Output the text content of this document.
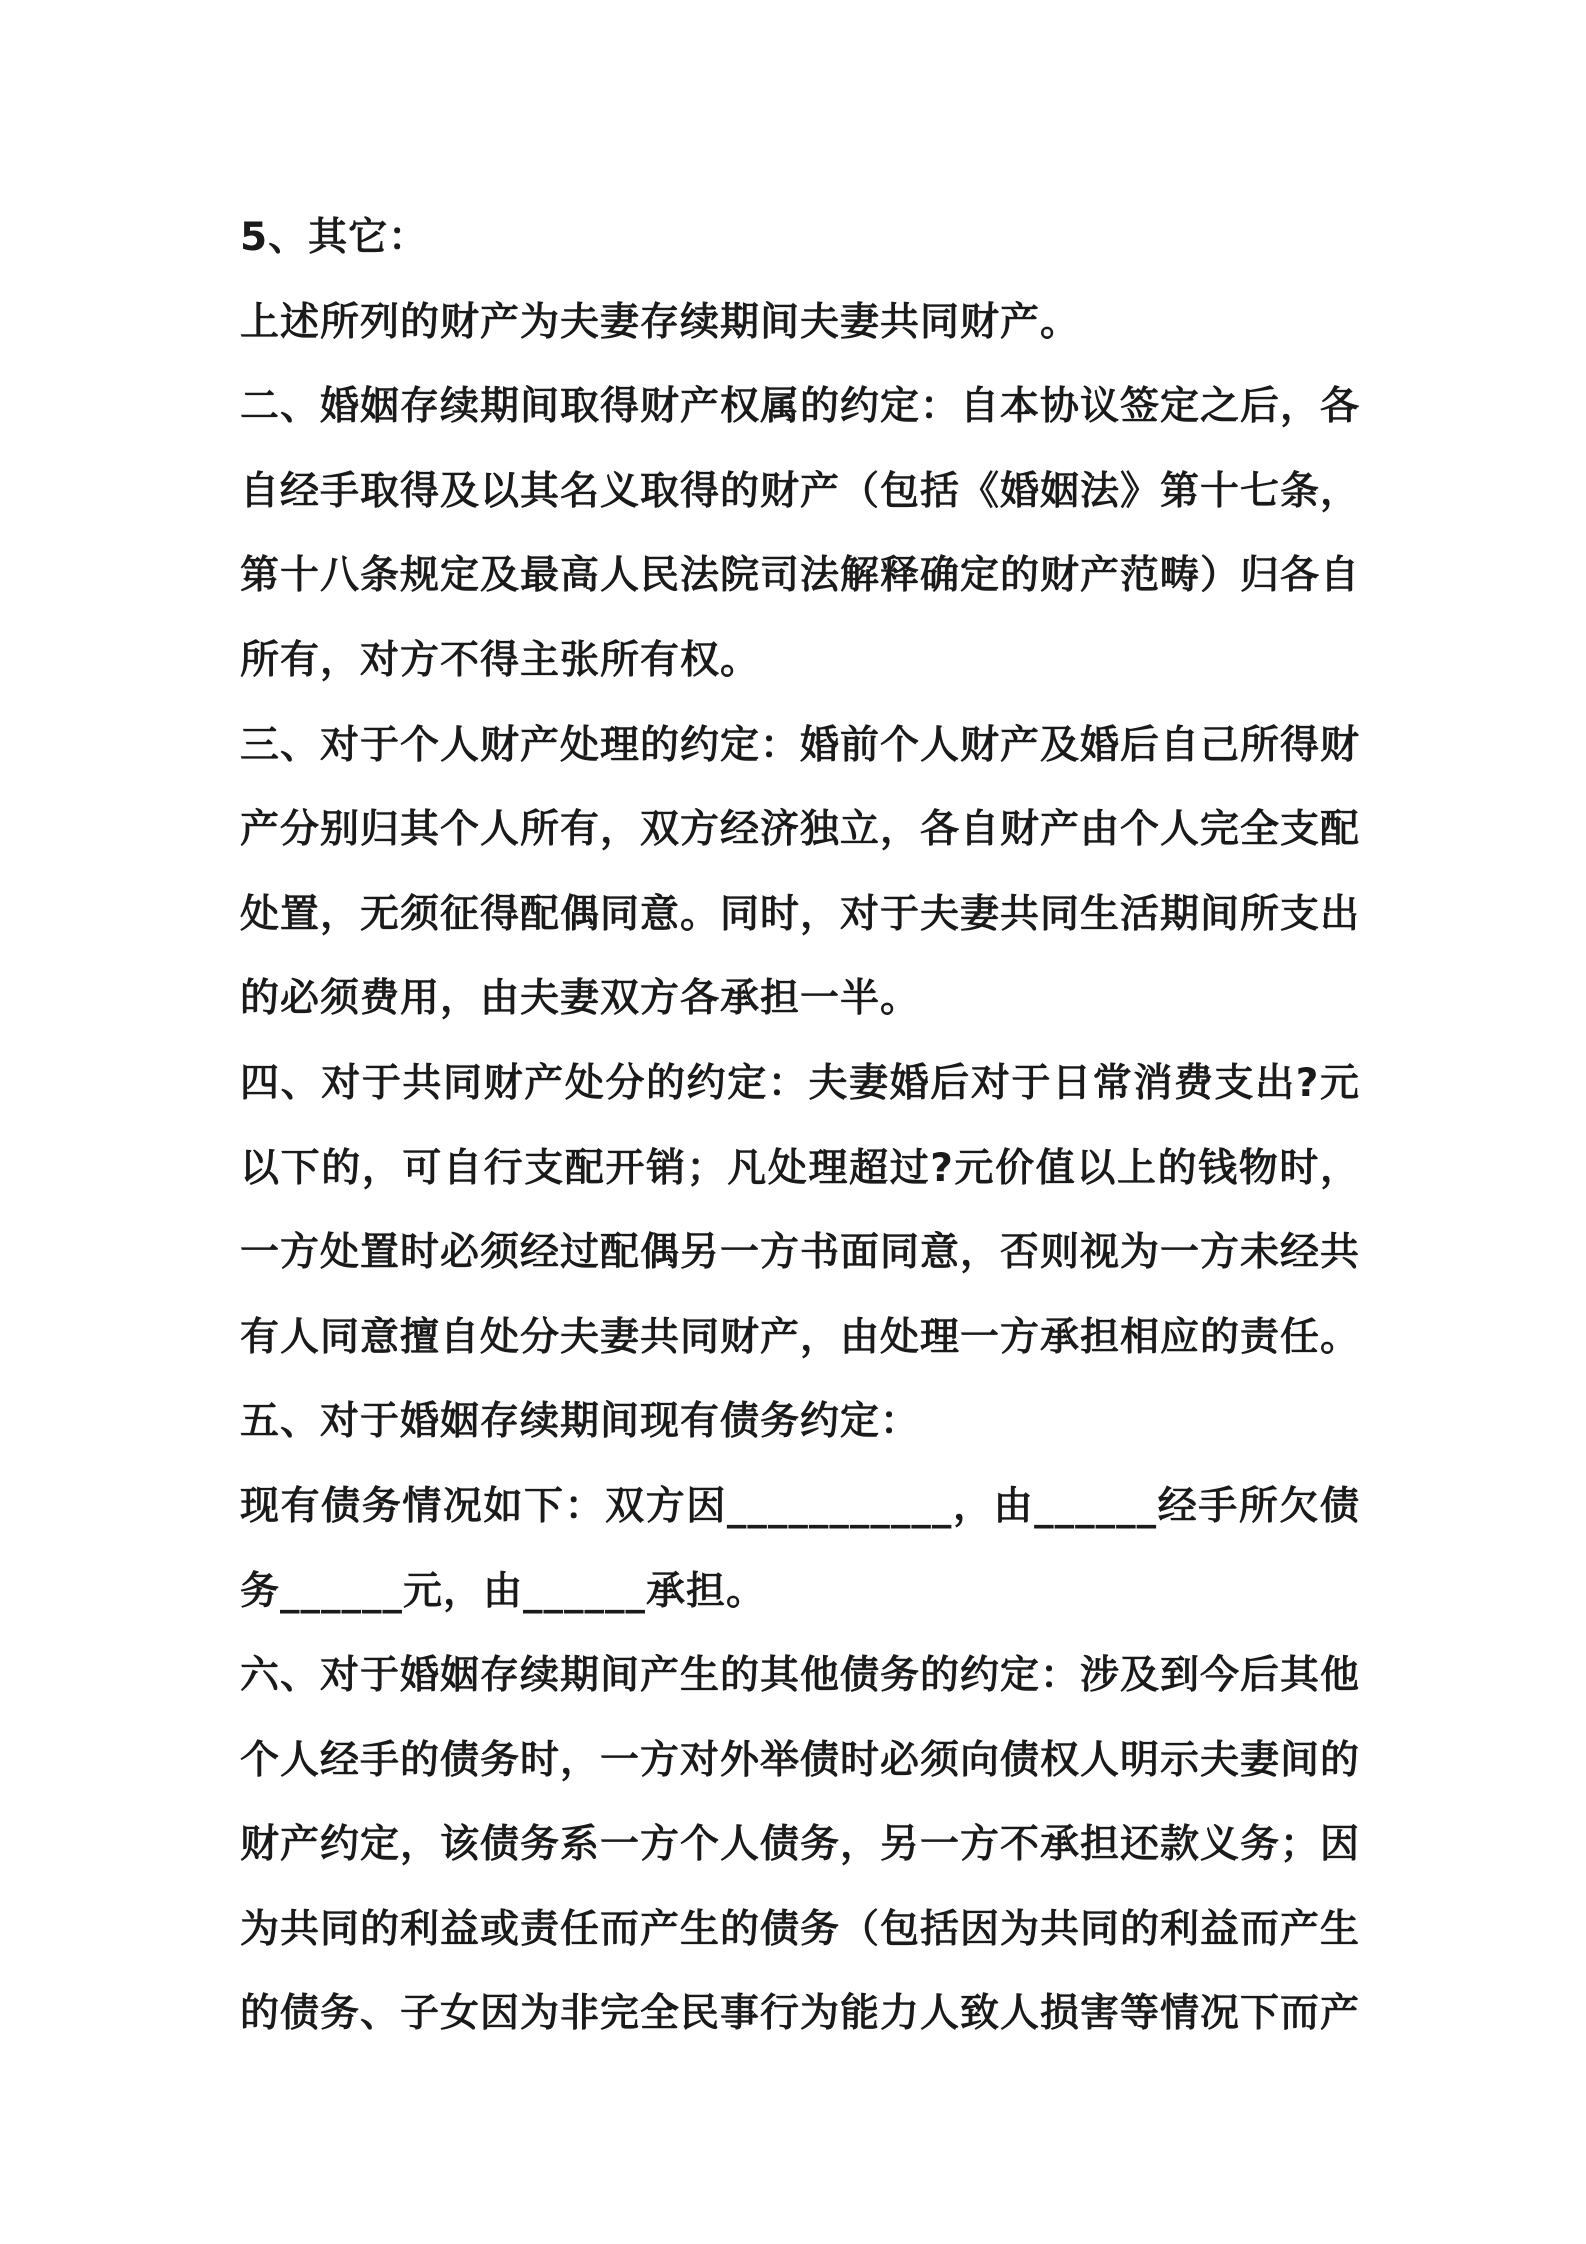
5、其它：
上述所列的财产为夫妻存续期间夫妻共同财产。
二、婚姻存续期间取得财产权属的约定：自本协议签定之后，各
自经手取得及以其名义取得的财产（包括《婚姻法》第十七条，
第十八条规定及最高人民法院司法解释确定的财产范畴）归各自
所有，对方不得主张所有权。
三、对于个人财产处理的约定：婚前个人财产及婚后自己所得财
产分别归其个人所有，双方经济独立，各自财产由个人完全支配
处置，无须征得配偶同意。同时，对于夫妻共同生活期间所支出
的必须费用，由夫妻双方各承担一半。
四、对于共同财产处分的约定：夫妻婚后对于日常消费支出?元
以下的，可自行支配开销；凡处理超过?元价值以上的钱物时，
一方处置时必须经过配偶另一方书面同意，否则视为一方未经共
有人同意擅自处分夫妻共同财产，由处理一方承担相应的责任。
五、对于婚姻存续期间现有债务约定：
现有债务情况如下：双方因___________，由______经手所欠债
务______元，由______承担。
六、对于婚姻存续期间产生的其他债务的约定：涉及到今后其他
个人经手的债务时，一方对外举债时必须向债权人明示夫妻间的
财产约定，该债务系一方个人债务，另一方不承担还款义务；因
为共同的利益或责任而产生的债务（包括因为共同的利益而产生
的债务、子女因为非完全民事行为能力人致人损害等情况下而产
